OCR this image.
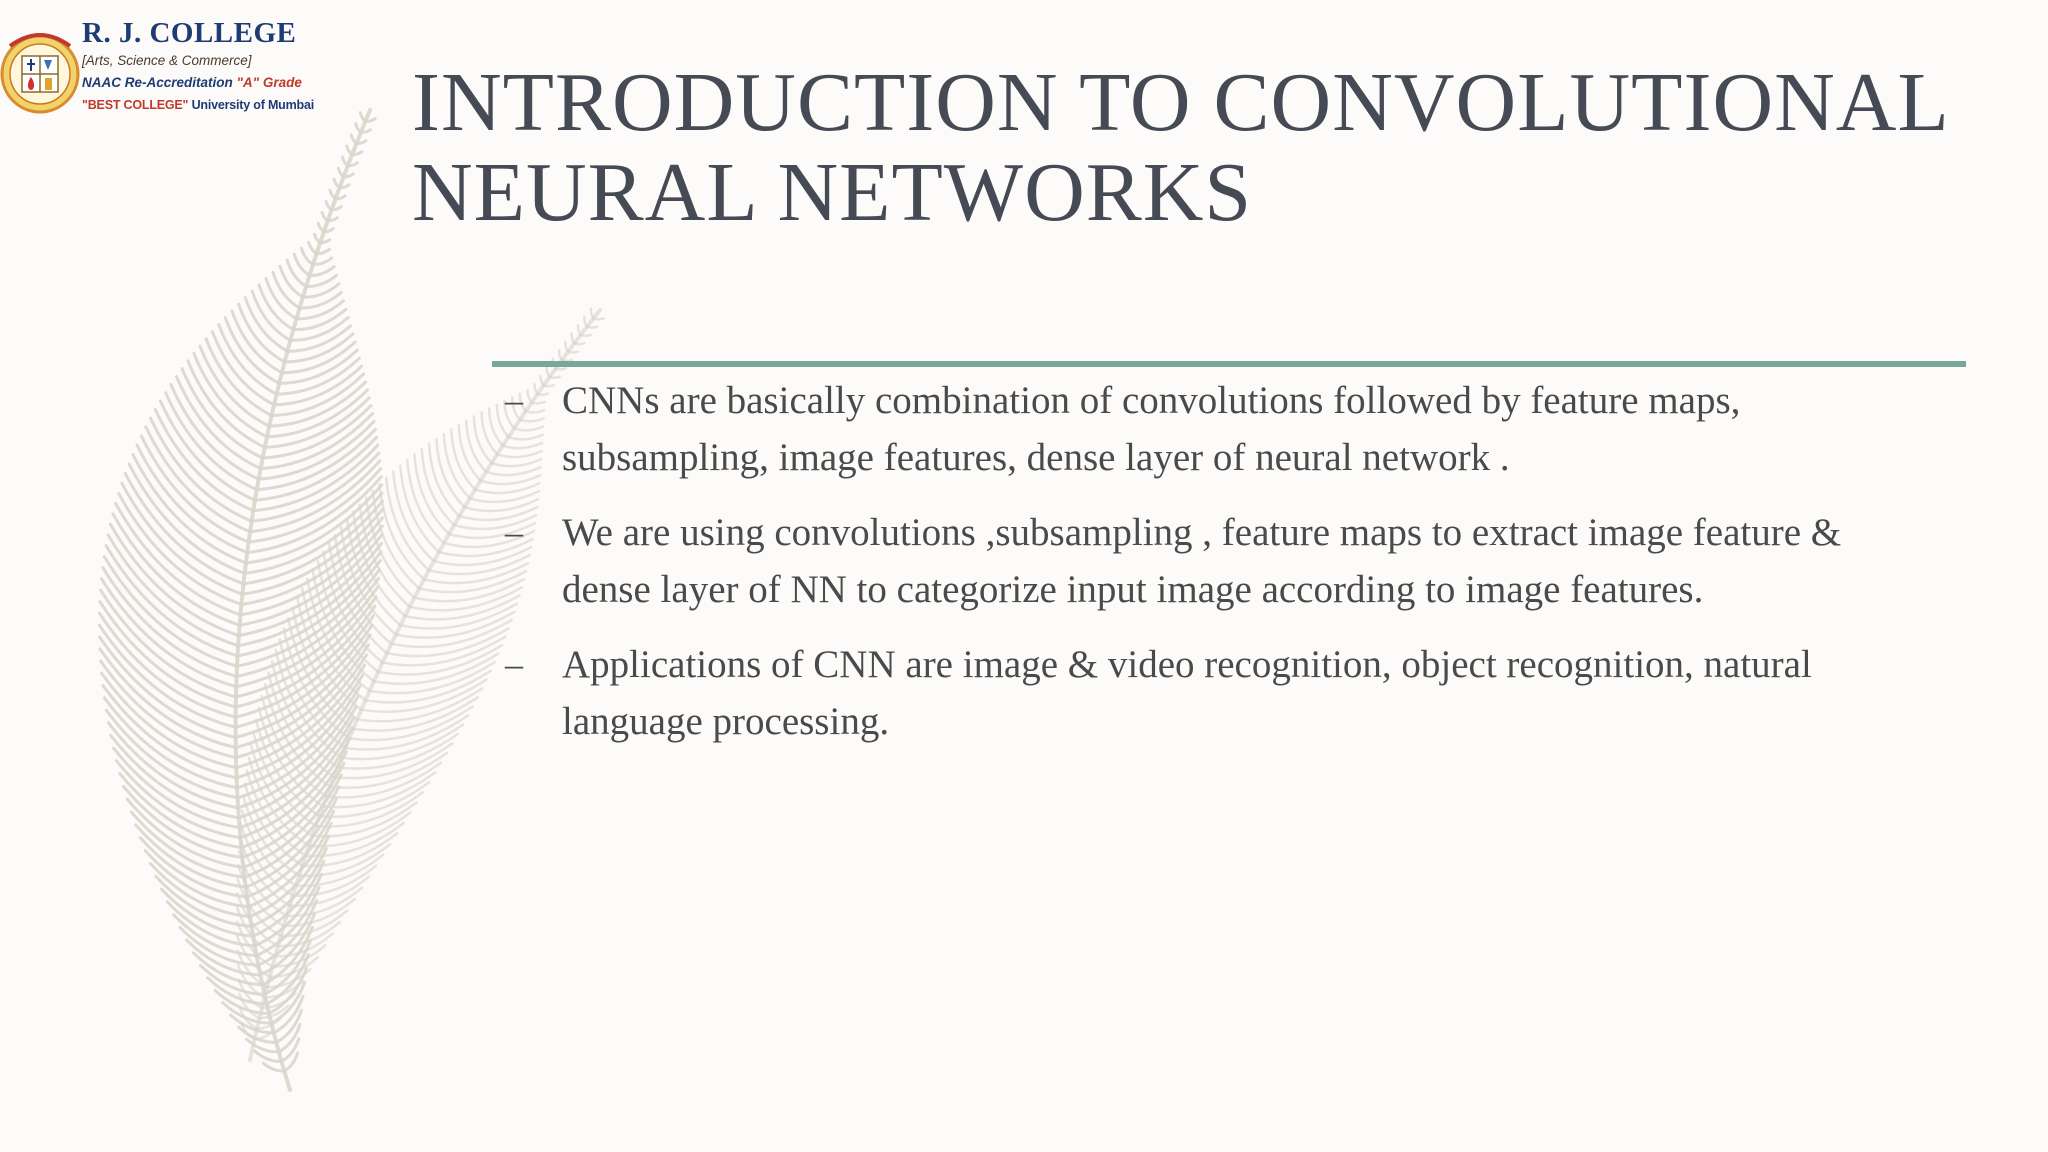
R. J. COLLEGE
[Arts, Science & Commerce]
NAAC Re-Accreditation "A" Grade
"BEST COLLEGE" University of Mumbai INTRODUCTION TO CONVOLUTIONAL
NEURAL NETWORKS
– CNNs are basically combination of convolutions followed by feature maps,
subsampling, image features, dense layer of neural network .
– We are using convolutions ,subsampling , feature maps to extract image feature &
dense layer of NN to categorize input image according to image features.
– Applications of CNN are image & video recognition, object recognition, natural
language processing.
